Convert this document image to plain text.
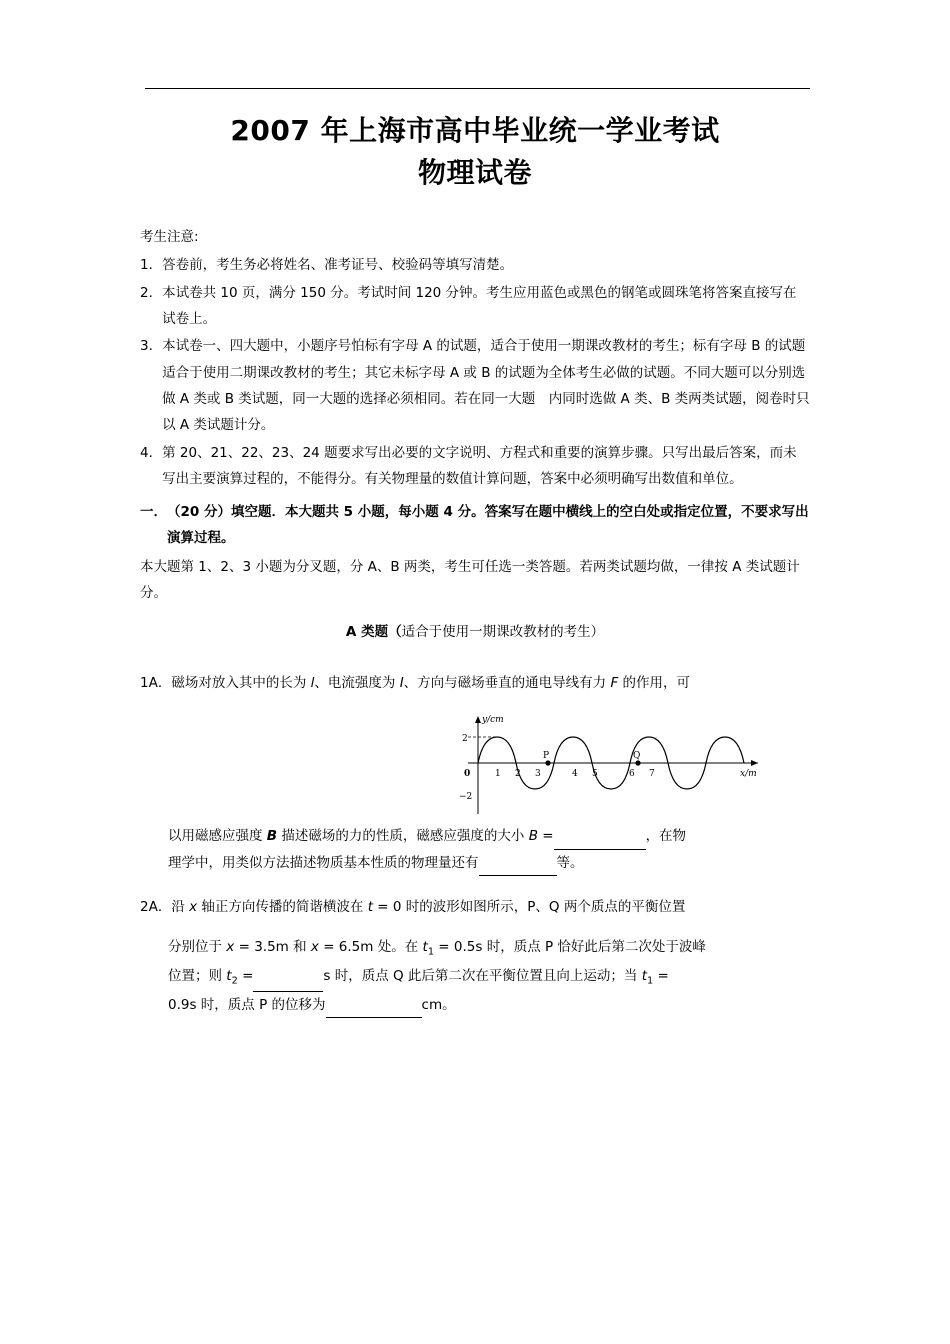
2007 年上海市高中毕业统一学业考试
物理试卷
考生注意:
1． 答卷前，考生务必将姓名、准考证号、校验码等填写清楚。
2． 本试卷共 10 页，满分 150 分。考试时间 120 分钟。考生应用蓝色或黑色的钢笔或圆珠笔将答案直接写在试卷上。
3． 本试卷一、四大题中，小题序号怕标有字母 A 的试题，适合于使用一期课改教材的考生；标有字母 B 的试题适合于使用二期课改教材的考生；其它未标字母 A 或 B 的试题为全体考生必做的试题。不同大题可以分别选做 A 类或 B 类试题，同一大题的选择必须相同。若在同一大题　内同时选做 A 类、B 类两类试题，阅卷时只以 A 类试题计分。
4． 第 20、21、22、23、24 题要求写出必要的文字说明、方程式和重要的演算步骤。只写出最后答案，而未写出主要演算过程的，不能得分。有关物理量的数值计算问题，答案中必须明确写出数值和单位。
一． （20 分）填空题．本大题共 5 小题，每小题 4 分。答案写在题中横线上的空白处或指定位置，不要求写出演算过程。
本大题第 1、2、3 小题为分叉题，分 A、B 两类，考生可任选一类答题。若两类试题均做，一律按 A 类试题计分。
A 类题（适合于使用一期课改教材的考生）
1A． 磁场对放入其中的长为 l、电流强度为 I、方向与磁场垂直的通电导线有力 F 的作用，可
2
−2
0
y/cm
x/m
1 2 3	4 5	6 7
P	Q
以用磁感应强度 B 描述磁场的力的性质，磁感应强度的大小 B =	，在物
理学中，用类似方法描述物质基本性质的物理量还有	等。
2A． 沿 x 轴正方向传播的简谐横波在 t = 0 时的波形如图所示，P、Q 两个质点的平衡位置
分别位于 x = 3.5m 和 x = 6.5m 处。在 $t_1 = 0.5s$ 时，质点 P 恰好此后第二次处于波峰
位置；则 $t_2$ =	s 时，质点 Q 此后第二次在平衡位置且向上运动；当 $t_1$ =
0.9s 时，质点 P 的位移为	cm。
